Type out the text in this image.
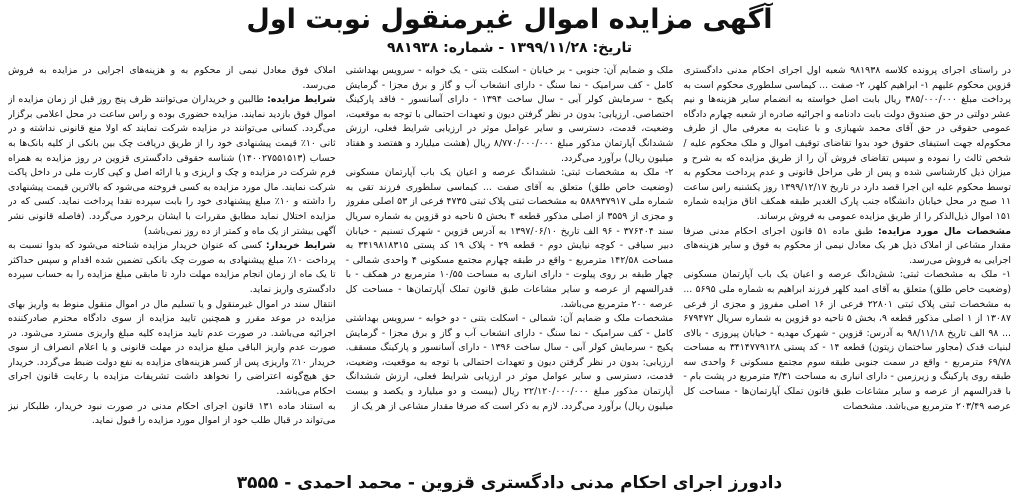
آگهی مزایده اموال غیرمنقول نوبت اول
تاریخ: ۱۳۹۹/۱۱/۲۸ - شماره: ۹۸۱۹۳۸

در راستای اجرای پرونده کلاسه ۹۸۱۹۳۸ شعبه اول اجرای احکام مدنی دادگستری قزوین محکوم علیهم ۱- ابراهیم کلهر، ۲- صفت ... کیماسی سلطوری محکوم است به پرداخت مبلغ ۳۸۵/۰۰۰/۰۰۰ ریال بابت اصل خواسته به انضمام سایر هزینه‌ها و نیم عشر دولتی در حق صندوق دولت بابت دادنامه و اجرائیه صادره از شعبه چهارم دادگاه عمومی حقوقی در حق آقای محمد شهبازی و با عنایت به معرفی مال از طرف محکوم‌له جهت استیفای حقوق خود بدوا تقاضای توقیف اموال و ملک محکوم علیه /شخص ثالث را نموده و سپس تقاضای فروش آن را از طریق مزایده که به شرح و میزان ذیل کارشناسی شده و پس از طی مراحل قانونی و عدم پرداخت محکوم به توسط محکوم علیه این اجرا قصد دارد در تاریخ ۱۳۹۹/۱۲/۱۷ روز یکشنبه راس ساعت ۱۱ صبح در محل خیابان دانشگاه جنب پارک الغدیر طبقه همکف اتاق مزایده شماره ۱۵۱ اموال ذیل‌الذکر را از طریق مزایده عمومی به فروش برساند.

مشخصات مال مورد مزایده: طبق ماده ۵۱ قانون اجرای احکام مدنی صرفا مقدار مشاعی از املاک ذیل هر یک معادل نیمی از محکوم به فوق و سایر هزینه‌های اجرایی به فروش می‌رسد.

۱- ملک به مشخصات ثبتی: شش‌دانگ عرصه و اعیان یک باب آپارتمان مسکونی (وضعیت خاص طلق) متعلق به آقای امید کلهر فرزند ابراهیم به شماره ملی ۵۶۹۵ ... به مشخصات ثبتی پلاک ثبتی ۲۲۸۰۱ فرعی از ۱۶ اصلی مفروز و مجزی از فرعی ۱۳۰۸۷ از ۱ اصلی مذکور قطعه ۹، بخش ۵ ناحیه دو قزوین به شماره سریال ۶۷۹۴۷۲ ... ۹۸ الف تاریخ ۹۸/۱۱/۱۸ به آدرس: قزوین - شهرک مهدیه - خیابان پیروزی - بالای لبنیات قدک (مجاور ساختمان زیتون) قطعه ۱۴ - کد پستی ۳۴۱۴۷۷۹۱۲۸ به مساحت ۶۹/۷۸ مترمربع - واقع در سمت جنوبی طبقه سوم مجتمع مسکونی ۶ واحدی سه طبقه روی پارکینگ و زیرزمین - دارای انباری به مساحت ۳/۳۱ مترمربع در پشت بام - با قدرالسهم از عرصه و سایر مشاعات طبق قانون تملک آپارتمان‌ها - مساحت کل عرصه ۲۰۳/۴۹ مترمربع می‌باشد. مشخصات

ملک و ضمایم آن: جنوبی - بر خیابان - اسکلت بتنی - یک خوابه - سرویس بهداشتی کامل - کف سرامیک - نما سنگ - دارای انشعاب آب و گاز و برق مجزا - گرمایش پکیج - سرمایش کولر آبی - سال ساخت ۱۳۹۴ - دارای آسانسور - فاقد پارکینگ اختصاصی. ارزیابی: بدون در نظر گرفتن دیون و تعهدات احتمالی با توجه به موقعیت، وضعیت، قدمت، دسترسی و سایر عوامل موثر در ارزیابی شرایط فعلی، ارزش ششدانگ آپارتمان مذکور مبلغ ۸/۷۷۰/۰۰۰/۰۰۰ ریال (هشت میلیارد و هفتصد و هفتاد میلیون ریال) برآورد می‌گردد.

۲- ملک به مشخصات ثبتی: ششدانگ عرصه و اعیان یک باب آپارتمان مسکونی (وضعیت خاص طلق) متعلق به آقای صفت ... کیماسی سلطوری فرزند تقی به شماره ملی ۵۸۸۹۳۷۹۱۷ به مشخصات ثبتی پلاک ثبتی ۴۷۳۵ فرعی از ۵۳ اصلی مفروز و مجزی از ۳۵۵۹ از اصلی مذکور قطعه ۴ بخش ۵ ناحیه دو قزوین به شماره سریال سند ۳۷۶۴۰۴ - ۹۶ الف تاریخ ۱۳۹۷/۰۶/۱۰ به آدرس قزوین - شهرک تسنیم - خیابان دبیر سیاقی - کوچه نیایش دوم - قطعه ۲۹ - پلاک ۱۹ کد پستی ۳۴۱۹۸۱۸۳۱۵ به مساحت ۱۴۲/۵۸ مترمربع - واقع در طبقه چهارم مجتمع مسکونی ۴ واحدی شمالی - چهار طبقه بر روی پیلوت - دارای انباری به مساحت ۱۰/۵۵ مترمربع در همکف - با قدرالسهم از عرصه و سایر مشاعات طبق قانون تملک آپارتمان‌ها - مساحت کل عرصه ۲۰۰ مترمربع می‌باشد.

مشخصات ملک و ضمایم آن: شمالی - اسکلت بتنی - دو خوابه - سرویس بهداشتی کامل - کف سرامیک - نما سنگ - دارای انشعاب آب و گاز و برق مجزا - گرمایش پکیج - سرمایش کولر آبی - سال ساخت ۱۳۹۶ - دارای آسانسور و پارکینگ مسقف. ارزیابی: بدون در نظر گرفتن دیون و تعهدات احتمالی با توجه به موقعیت، وضعیت، قدمت، دسترسی و سایر عوامل موثر در ارزیابی شرایط فعلی، ارزش ششدانگ آپارتمان مذکور مبلغ ۲۲/۱۲۰/۰۰۰/۰۰۰ ریال (بیست و دو میلیارد و یکصد و بیست میلیون ریال) برآورد می‌گردد. لازم به ذکر است که صرفا مقدار مشاعی از هر یک از

املاک فوق معادل نیمی از محکوم به و هزینه‌های اجرایی در مزایده به فروش می‌رسد.

شرایط مزایده: طالبین و خریداران می‌توانند ظرف پنج روز قبل از زمان مزایده از اموال فوق بازدید نمایند. مزایده حضوری بوده و راس ساعت در محل اعلامی برگزار می‌گردد. کسانی می‌توانند در مزایده شرکت نمایند که اولا منع قانونی نداشته و در ثانی ۱۰٪ قیمت پیشنهادی خود را از طریق دریافت چک بین بانکی از کلیه بانک‌ها به حساب (۱۴۰۰۲۷۵۵۱۵۱۳) شناسه حقوقی دادگستری قزوین در روز مزایده به همراه فرم شرکت در مزایده و چک و اریزی و یا ارائه اصل و کپی کارت ملی در داخل پاکت شرکت نمایند. مال مورد مزایده به کسی فروخته می‌شود که بالاترین قیمت پیشنهادی را داشته و ۱۰٪ مبلغ پیشنهادی خود را بابت سپرده نقدا پرداخت نماید. کسی که در مزایده اختلال نماید مطابق مقررات با ایشان برخورد می‌گردد. (فاصله قانونی نشر آگهی بیشتر از یک ماه و کمتر از ده روز نمی‌باشد)

شرایط خریدار: کسی که عنوان خریدار مزایده شناخته می‌شود که بدوا نسبت به پرداخت ۱۰٪ مبلغ پیشنهادی به صورت چک بانکی تضمین شده اقدام و سپس حداکثر تا یک ماه از زمان انجام مزایده مهلت دارد تا مابقی مبلغ مزایده را به حساب سپرده دادگستری واریز نماید.

انتقال سند در اموال غیرمنقول و یا تسلیم مال در اموال منقول منوط به واریز بهای مزایده در موعد مقرر و همچنین تایید مزایده از سوی دادگاه محترم صادرکننده اجرائیه می‌باشد. در صورت عدم تایید مزایده کلیه مبلغ واریزی مسترد می‌شود. در صورت عدم واریز الباقی مبلغ مزایده در مهلت قانونی و یا اعلام انصراف از سوی خریدار ۱۰٪ واریزی پس از کسر هزینه‌های مزایده به نفع دولت ضبط می‌گردد. خریدار حق هیچ‌گونه اعتراضی را نخواهد داشت تشریفات مزایده با رعایت قانون اجرای احکام می‌باشد.

به استناد ماده ۱۳۱ قانون اجرای احکام مدنی در صورت نبود خریدار، طلبکار نیز می‌تواند در قبال طلب خود از اموال مورد مزایده را قبول نماید.

دادورز اجرای احکام مدنی دادگستری قزوین - محمد احمدی - ۳۵۵۵
